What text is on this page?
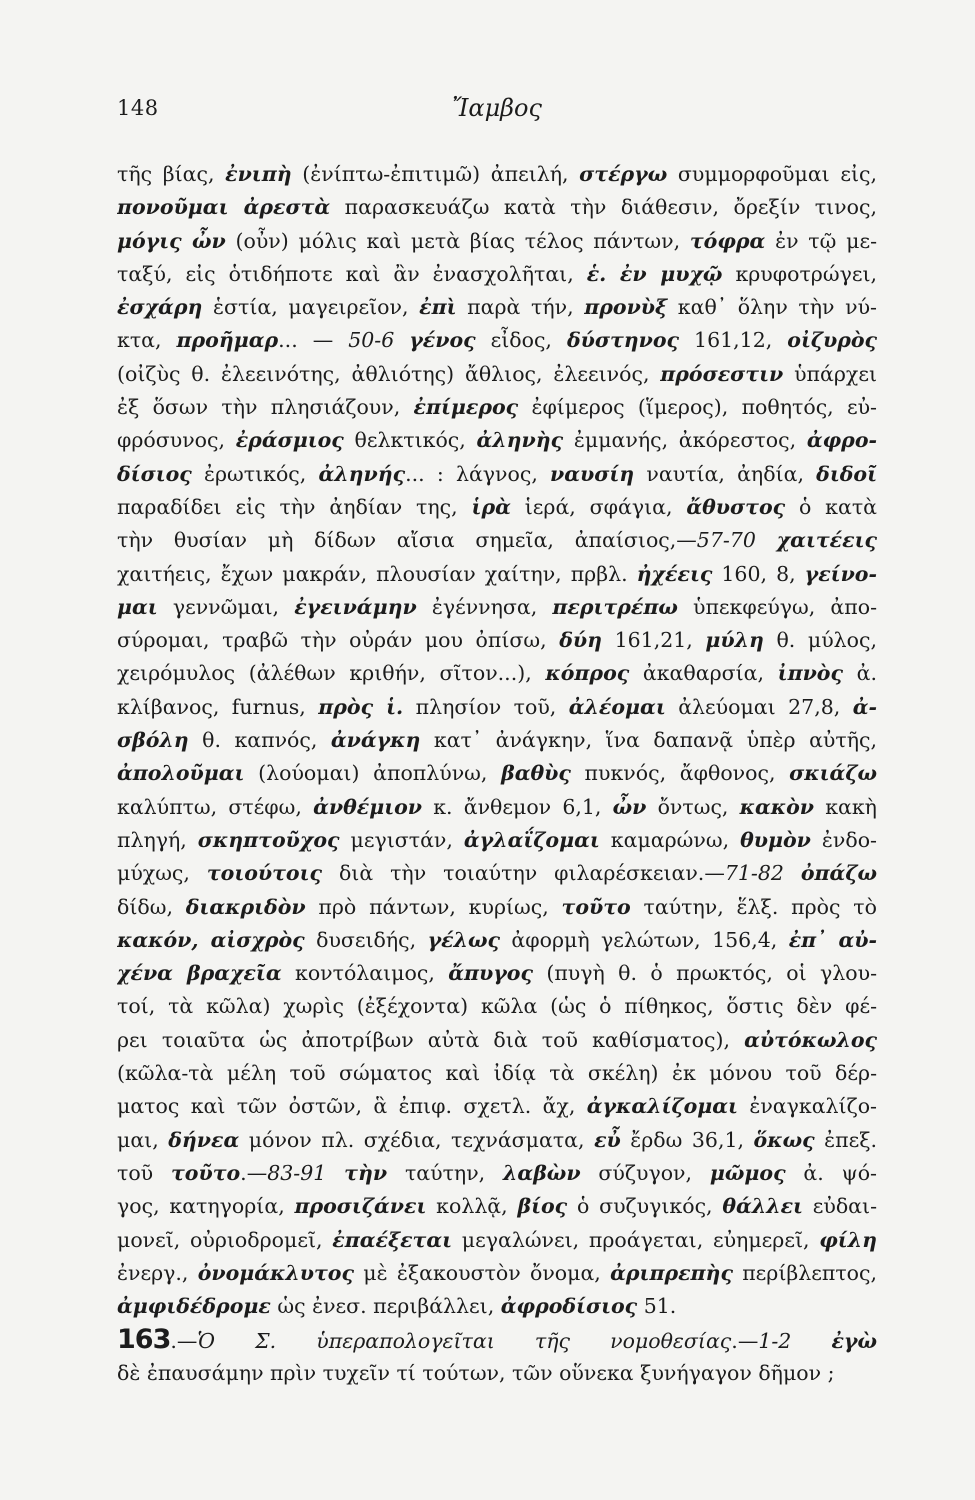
148	Ἴαμβος
τῆς βίας, ἐνιπὴ (ἐνίπτω-ἐπιτιμῶ) ἀπειλή, στέργω συμμορφοῦμαι εἰς,
πονοῦμαι ἀρεστὰ παρασκευάζω κατὰ τὴν διάθεσιν, ὄρεξίν τινος,
μόγις ὦν (οὖν) μόλις καὶ μετὰ βίας τέλος πάντων, τόφρα ἐν τῷ με-
ταξύ, εἰς ὁτιδήποτε καὶ ἂν ἐνασχολῆται, ἑ. ἐν μυχῷ κρυφοτρώγει,
ἐσχάρη ἑστία, μαγειρεῖον, ἐπὶ παρὰ τήν, προνὺξ καθ᾽ ὅλην τὴν νύ-
κτα, προῆμαρ... — 50-6 γένος εἶδος, δύστηνος 161,12, οἰζυρὸς
(οἰζὺς θ. ἐλεεινότης, ἀθλιότης) ἄθλιος, ἐλεεινός, πρόσεστιν ὑπάρχει
ἐξ ὅσων τὴν πλησιάζουν, ἐπίμερος ἐφίμερος (ἵμερος), ποθητός, εὐ-
φρόσυνος, ἐράσμιος θελκτικός, ἀληνὴς ἐμμανής, ἀκόρεστος, ἀφρο-
δίσιος ἐρωτικός, ἀληνής... : λάγνος, ναυσίη ναυτία, ἀηδία, διδοῖ
παραδίδει εἰς τὴν ἀηδίαν της, ἱρὰ ἱερά, σφάγια, ἄθυστος ὁ κατὰ
τὴν θυσίαν μὴ δίδων αἴσια σημεῖα, ἀπαίσιος,—57-70 χαιτέεις
χαιτήεις, ἔχων μακράν, πλουσίαν χαίτην, πρβλ. ἠχέεις 160, 8, γείνο-
μαι γεννῶμαι, ἐγεινάμην ἐγέννησα, περιτρέπω ὑπεκφεύγω, ἀπο-
σύρομαι, τραβῶ τὴν οὐράν μου ὀπίσω, δύη 161,21, μύλη θ. μύλος,
χειρόμυλος (ἀλέθων κριθήν, σῖτον...), κόπρος ἀκαθαρσία, ἰπνὸς ἀ.
κλίβανος, furnus, πρὸς ἱ. πλησίον τοῦ, ἀλέομαι ἀλεύομαι 27,8, ἀ-
σβόλη θ. καπνός, ἀνάγκη κατ᾽ ἀνάγκην, ἵνα δαπανᾷ ὑπὲρ αὐτῆς,
ἀπολοῦμαι (λούομαι) ἀποπλύνω, βαθὺς πυκνός, ἄφθονος, σκιάζω
καλύπτω, στέφω, ἀνθέμιον κ. ἄνθεμον 6,1, ὦν ὄντως, κακὸν κακὴ
πληγή, σκηπτοῦχος μεγιστάν, ἀγλαΐζομαι καμαρώνω, θυμὸν ἐνδο-
μύχως, τοιούτοις διὰ τὴν τοιαύτην φιλαρέσκειαν.—71-82 ὀπάζω
δίδω, διακριδὸν πρὸ πάντων, κυρίως, τοῦτο ταύτην, ἕλξ. πρὸς τὸ
κακόν, αἰσχρὸς δυσειδής, γέλως ἀφορμὴ γελώτων, 156,4, ἐπ᾽ αὐ-
χένα βραχεῖα κοντόλαιμος, ἄπυγος (πυγὴ θ. ὁ πρωκτός, οἱ γλου-
τοί, τὰ κῶλα) χωρὶς (ἐξέχοντα) κῶλα (ὡς ὁ πίθηκος, ὅστις δὲν φέ-
ρει τοιαῦτα ὡς ἀποτρίβων αὐτὰ διὰ τοῦ καθίσματος), αὐτόκωλος
(κῶλα-τὰ μέλη τοῦ σώματος καὶ ἰδίᾳ τὰ σκέλη) ἐκ μόνου τοῦ δέρ-
ματος καὶ τῶν ὀστῶν, ἃ ἐπιφ. σχετλ. ἄχ, ἀγκαλίζομαι ἐναγκαλίζο-
μαι, δήνεα μόνον πλ. σχέδια, τεχνάσματα, εὖ ἔρδω 36,1, ὅκως ἐπεξ.
τοῦ τοῦτο.—83-91 τὴν ταύτην, λαβὼν σύζυγον, μῶμος ἀ. ψό-
γος, κατηγορία, προσιζάνει κολλᾷ, βίος ὁ συζυγικός, θάλλει εὐδαι-
μονεῖ, οὐριοδρομεῖ, ἐπαέξεται μεγαλώνει, προάγεται, εὐημερεῖ, φίλη
ἐνεργ., ὀνομάκλυτος μὲ ἐξακουστὸν ὄνομα, ἀριπρεπὴς περίβλεπτος,
ἀμφιδέδρομε ὡς ἐνεσ. περιβάλλει, ἀφροδίσιος 51.
163.—Ὁ Σ. ὑπεραπολογεῖται τῆς νομοθεσίας.—1-2 ἐγὼ
δὲ ἐπαυσάμην πρὶν τυχεῖν τί τούτων, τῶν οὕνεκα ξυνήγαγον δῆμον ;
